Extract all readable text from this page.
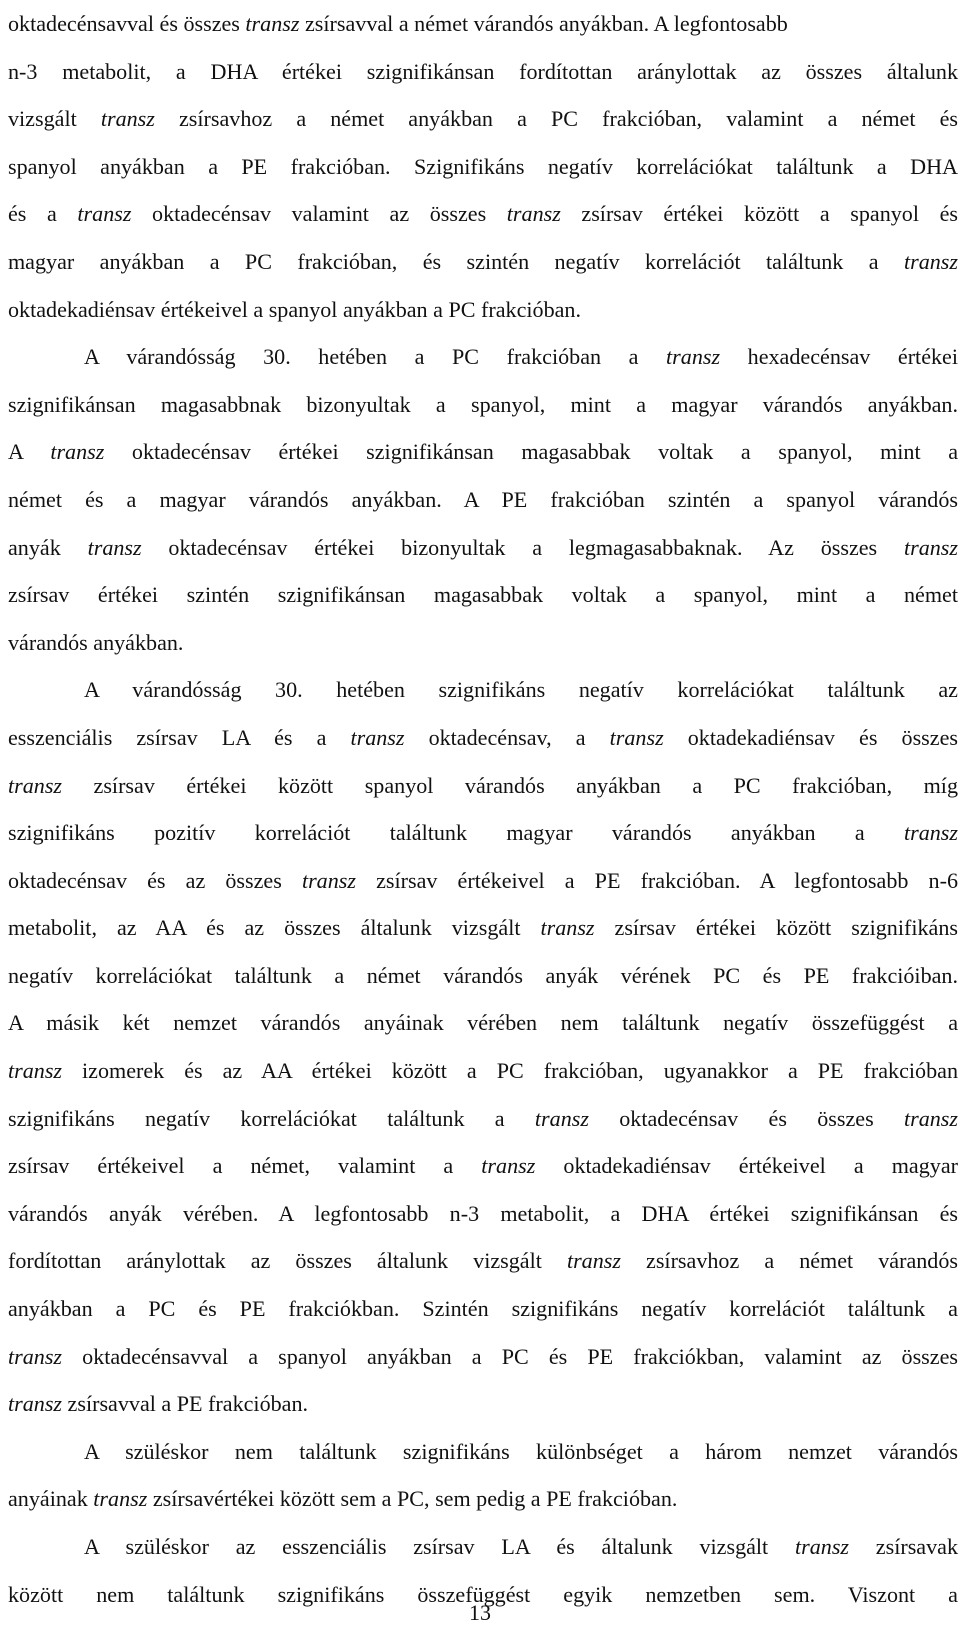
oktadecénsavval és összes transz zsírsavval a német várandós anyákban. A legfontosabb
n-3 metabolit, a DHA értékei szignifikánsan fordítottan aránylottak az összes általunk
vizsgált transz zsírsavhoz a német anyákban a PC frakcióban, valamint a német és
spanyol anyákban a PE frakcióban. Szignifikáns negatív korrelációkat találtunk a DHA
és a transz oktadecénsav valamint az összes transz zsírsav értékei között a spanyol és
magyar anyákban a PC frakcióban, és szintén negatív korrelációt találtunk a transz
oktadekadiénsav értékeivel a spanyol anyákban a PC frakcióban.
A várandósság 30. hetében a PC frakcióban a transz hexadecénsav értékei
szignifikánsan magasabbnak bizonyultak a spanyol, mint a magyar várandós anyákban.
A transz oktadecénsav értékei szignifikánsan magasabbak voltak a spanyol, mint a
német és a magyar várandós anyákban. A PE frakcióban szintén a spanyol várandós
anyák transz oktadecénsav értékei bizonyultak a legmagasabbaknak. Az összes transz
zsírsav értékei szintén szignifikánsan magasabbak voltak a spanyol, mint a német
várandós anyákban.
A várandósság 30. hetében szignifikáns negatív korrelációkat találtunk az
esszenciális zsírsav LA és a transz oktadecénsav, a transz oktadekadiénsav és összes
transz zsírsav értékei között spanyol várandós anyákban a PC frakcióban, míg
szignifikáns pozitív korrelációt találtunk magyar várandós anyákban a transz
oktadecénsav és az összes transz zsírsav értékeivel a PE frakcióban. A legfontosabb n-6
metabolit, az AA és az összes általunk vizsgált transz zsírsav értékei között szignifikáns
negatív korrelációkat találtunk a német várandós anyák vérének PC és PE frakcióiban.
A másik két nemzet várandós anyáinak vérében nem találtunk negatív összefüggést a
transz izomerek és az AA értékei között a PC frakcióban, ugyanakkor a PE frakcióban
szignifikáns negatív korrelációkat találtunk a transz oktadecénsav és összes transz
zsírsav értékeivel a német, valamint a transz oktadekadiénsav értékeivel a magyar
várandós anyák vérében. A legfontosabb n-3 metabolit, a DHA értékei szignifikánsan és
fordítottan aránylottak az összes általunk vizsgált transz zsírsavhoz a német várandós
anyákban a PC és PE frakciókban. Szintén szignifikáns negatív korrelációt találtunk a
transz oktadecénsavval a spanyol anyákban a PC és PE frakciókban, valamint az összes
transz zsírsavval a PE frakcióban.
A szüléskor nem találtunk szignifikáns különbséget a három nemzet várandós
anyáinak transz zsírsavértékei között sem a PC, sem pedig a PE frakcióban.
A szüléskor az esszenciális zsírsav LA és általunk vizsgált transz zsírsavak
között nem találtunk szignifikáns összefüggést egyik nemzetben sem. Viszont a
13
